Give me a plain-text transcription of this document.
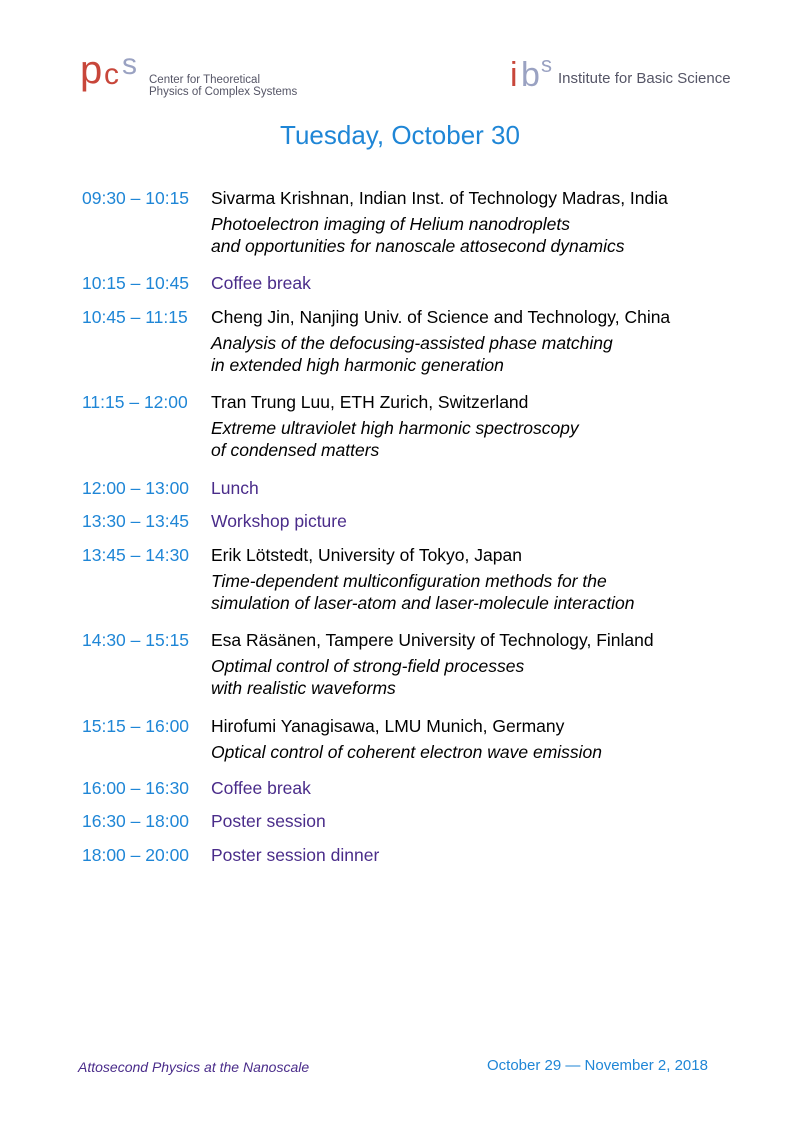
p c s Center for Theoretical
Physics of Complex Systems	i b s
Institute for Basic Science
Tuesday, October 30
09:30 – 10:15 Sivarma Krishnan, Indian Inst. of Technology Madras, India
Photoelectron imaging of Helium nanodroplets
and opportunities for nanoscale attosecond dynamics
10:15 – 10:45 Coffee break
10:45 – 11:15 Cheng Jin, Nanjing Univ. of Science and Technology, China
Analysis of the defocusing-assisted phase matching
in extended high harmonic generation
11:15 – 12:00 Tran Trung Luu, ETH Zurich, Switzerland
Extreme ultraviolet high harmonic spectroscopy
of condensed matters
12:00 – 13:00 Lunch
13:30 – 13:45 Workshop picture
13:45 – 14:30 Erik Lötstedt, University of Tokyo, Japan
Time-dependent multiconfiguration methods for the
simulation of laser-atom and laser-molecule interaction
14:30 – 15:15 Esa Räsänen, Tampere University of Technology, Finland
Optimal control of strong-field processes
with realistic waveforms
15:15 – 16:00 Hirofumi Yanagisawa, LMU Munich, Germany
Optical control of coherent electron wave emission
16:00 – 16:30 Coffee break
16:30 – 18:00 Poster session
18:00 – 20:00 Poster session dinner
Attosecond Physics at the Nanoscale	October 29 — November 2, 2018
